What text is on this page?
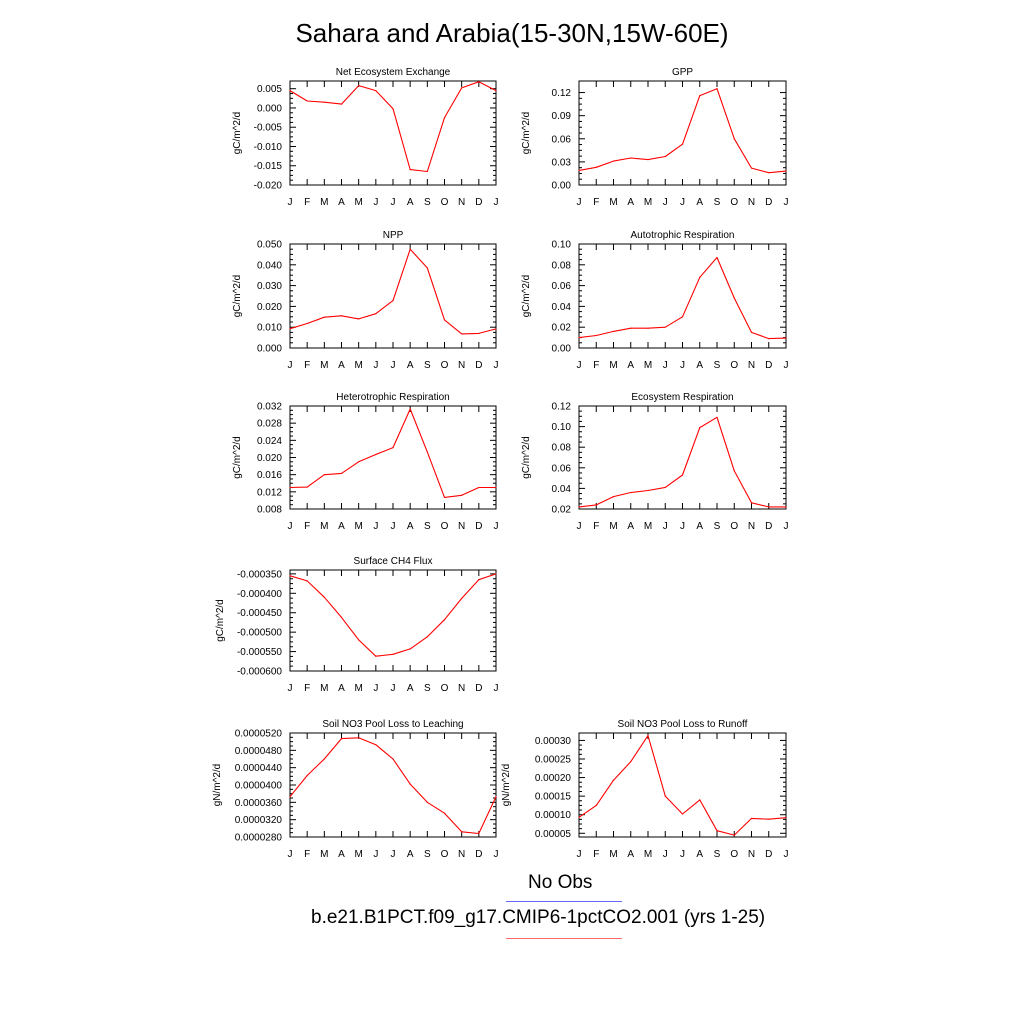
Sahara and Arabia(15-30N,15W-60E)
Net Ecosystem Exchange
gC/m^2/d
0.005
0.000
-0.005
-0.010
-0.015
-0.020
J F M A M J J A S O N D J
GPP
gC/m^2/d
0.12
0.09
0.06
0.03
0.00
J F M A M J J A S O N D J
NPP
gC/m^2/d
0.050
0.040
0.030
0.020
0.010
0.000
J F M A M J J A S O N D J
Autotrophic Respiration
gC/m^2/d
0.10
0.08
0.06
0.04
0.02
0.00
J F M A M J J A S O N D J
Heterotrophic Respiration
gC/m^2/d
0.032
0.028
0.024
0.020
0.016
0.012
0.008
J F M A M J J A S O N D J
Ecosystem Respiration
gC/m^2/d
0.12
0.10
0.08
0.06
0.04
0.02
J F M A M J J A S O N D J
Surface CH4 Flux
gC/m^2/d
-0.000350
-0.000400
-0.000450
-0.000500
-0.000550
-0.000600
J F M A M J J A S O N D J
Soil NO3 Pool Loss to Leaching
gN/m^2/d
0.0000520
0.0000480
0.0000440
0.0000400
0.0000360
0.0000320
0.0000280
J F M A M J J A S O N D J
Soil NO3 Pool Loss to Runoff
gN/m^2/d
0.00030
0.00025
0.00020
0.00015
0.00010
0.00005
J F M A M J J A S O N D J
No Obs
b.e21.B1PCT.f09_g17.CMIP6-1pctCO2.001 (yrs 1-25)
